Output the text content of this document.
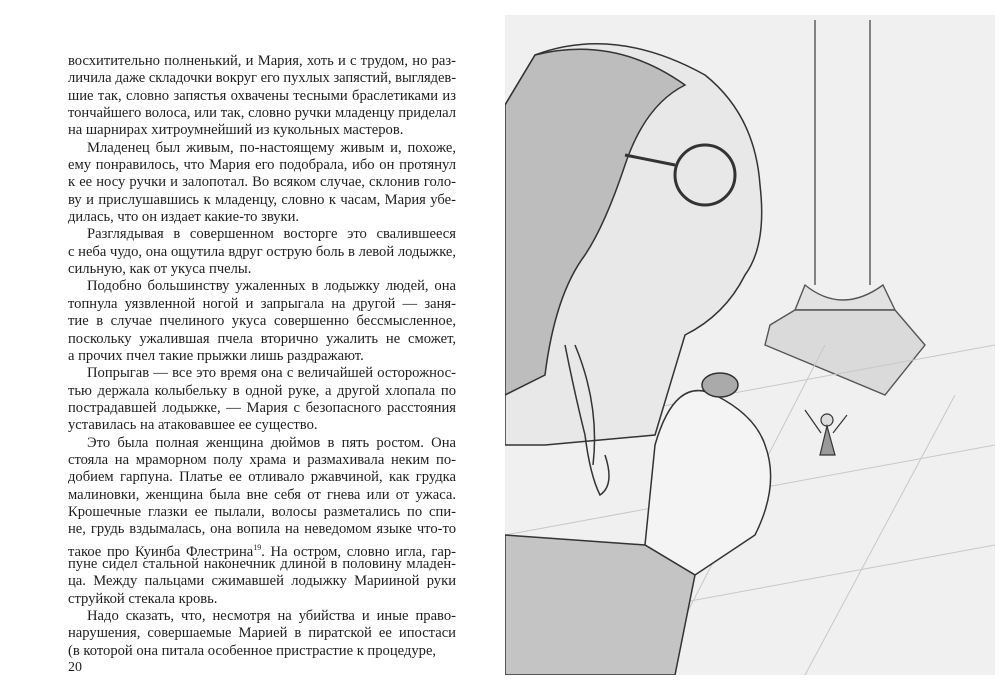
восхитительно полненький, и Мария, хоть и с трудом, но раз-
личила даже складочки вокруг его пухлых запястий, выглядев-
шие так, словно запястья охвачены тесными браслетиками из
тончайшего волоса, или так, словно ручки младенцу приделал
на шарнирах хитроумнейший из кукольных мастеров.
Младенец был живым, по-настоящему живым и, похоже,
ему понравилось, что Мария его подобрала, ибо он протянул
к ее носу ручки и залопотал. Во всяком случае, склонив голо-
ву и прислушавшись к младенцу, словно к часам, Мария убе-
дилась, что он издает какие-то звуки.
Разглядывая в совершенном восторге это свалившееся
с неба чудо, она ощутила вдруг острую боль в левой лодыжке,
сильную, как от укуса пчелы.
Подобно большинству ужаленных в лодыжку людей, она
топнула уязвленной ногой и запрыгала на другой — заня-
тие в случае пчелиного укуса совершенно бессмысленное,
поскольку ужалившая пчела вторично ужалить не сможет,
а прочих пчел такие прыжки лишь раздражают.
Попрыгав — все это время она с величайшей осторожнос-
тью держала колыбельку в одной руке, а другой хлопала по
пострадавшей лодыжке, — Мария с безопасного расстояния
уставилась на атаковавшее ее существо.
Это была полная женщина дюймов в пять ростом. Она
стояла на мраморном полу храма и размахивала неким по-
добием гарпуна. Платье ее отливало ржавчиной, как грудка
малиновки, женщина была вне себя от гнева или от ужаса.
Крошечные глазки ее пылали, волосы разметались по спи-
не, грудь вздымалась, она вопила на неведомом языке что-то
такое про Куинба Флестрина$^{19}$. На остром, словно игла, гар-
пуне сидел стальной наконечник длиной в половину младен-
ца. Между пальцами сжимавшей лодыжку Марииной руки
струйкой стекала кровь.
Надо сказать, что, несмотря на убийства и иные право-
нарушения, совершаемые Марией в пиратской ее ипостаси
(в которой она питала особенное пристрастие к процедуре,
20
